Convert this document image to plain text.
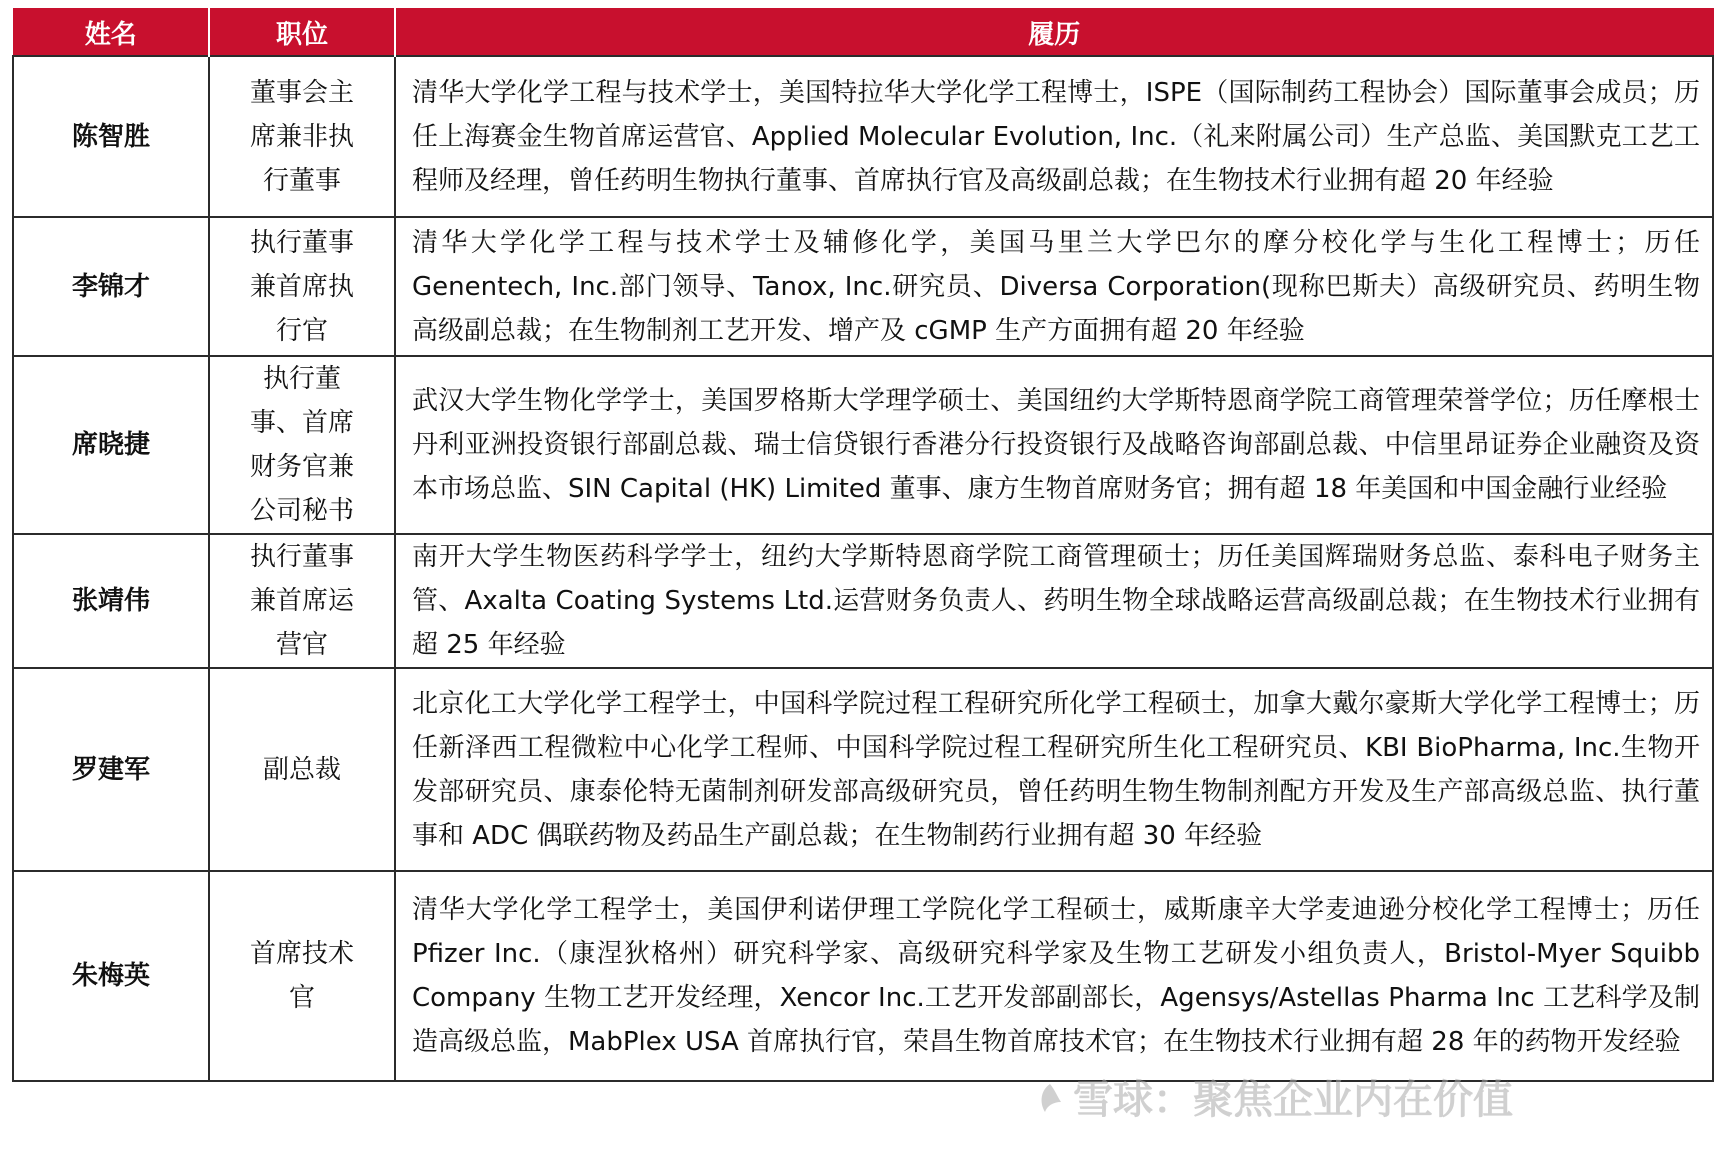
姓名	职位	履历
陈智胜	董事会主席兼非执行董事	清华大学化学工程与技术学士，美国特拉华大学化学工程博士，ISPE（国际制药工程协会）国际董事会成员；历任上海赛金生物首席运营官、Applied Molecular Evolution, Inc.（礼来附属公司）生产总监、美国默克工艺工程师及经理，曾任药明生物执行董事、首席执行官及高级副总裁；在生物技术行业拥有超 20 年经验
李锦才	执行董事兼首席执行官	清华大学化学工程与技术学士及辅修化学，美国马里兰大学巴尔的摩分校化学与生化工程博士；历任 Genentech, Inc.部门领导、Tanox, Inc.研究员、Diversa Corporation(现称巴斯夫）高级研究员、药明生物高级副总裁；在生物制剂工艺开发、增产及 cGMP 生产方面拥有超 20 年经验
席晓捷	执行董事、首席财务官兼公司秘书	武汉大学生物化学学士，美国罗格斯大学理学硕士、美国纽约大学斯特恩商学院工商管理荣誉学位；历任摩根士丹利亚洲投资银行部副总裁、瑞士信贷银行香港分行投资银行及战略咨询部副总裁、中信里昂证券企业融资及资本市场总监、SIN Capital (HK) Limited 董事、康方生物首席财务官；拥有超 18 年美国和中国金融行业经验
张靖伟	执行董事兼首席运营官	南开大学生物医药科学学士，纽约大学斯特恩商学院工商管理硕士；历任美国辉瑞财务总监、泰科电子财务主管、Axalta Coating Systems Ltd.运营财务负责人、药明生物全球战略运营高级副总裁；在生物技术行业拥有超 25 年经验
罗建军	副总裁	北京化工大学化学工程学士，中国科学院过程工程研究所化学工程硕士，加拿大戴尔豪斯大学化学工程博士；历任新泽西工程微粒中心化学工程师、中国科学院过程工程研究所生化工程研究员、KBI BioPharma, Inc.生物开发部研究员、康泰伦特无菌制剂研发部高级研究员，曾任药明生物生物制剂配方开发及生产部高级总监、执行董事和 ADC 偶联药物及药品生产副总裁；在生物制药行业拥有超 30 年经验
朱梅英	首席技术官	清华大学化学工程学士，美国伊利诺伊理工学院化学工程硕士，威斯康辛大学麦迪逊分校化学工程博士；历任 Pfizer Inc.（康涅狄格州）研究科学家、高级研究科学家及生物工艺研发小组负责人，Bristol-Myer Squibb Company 生物工艺开发经理，Xencor Inc.工艺开发部副部长，Agensys/Astellas Pharma Inc 工艺科学及制造高级总监，MabPlex USA 首席执行官，荣昌生物首席技术官；在生物技术行业拥有超 28 年的药物开发经验
雪球：聚焦企业内在价值
